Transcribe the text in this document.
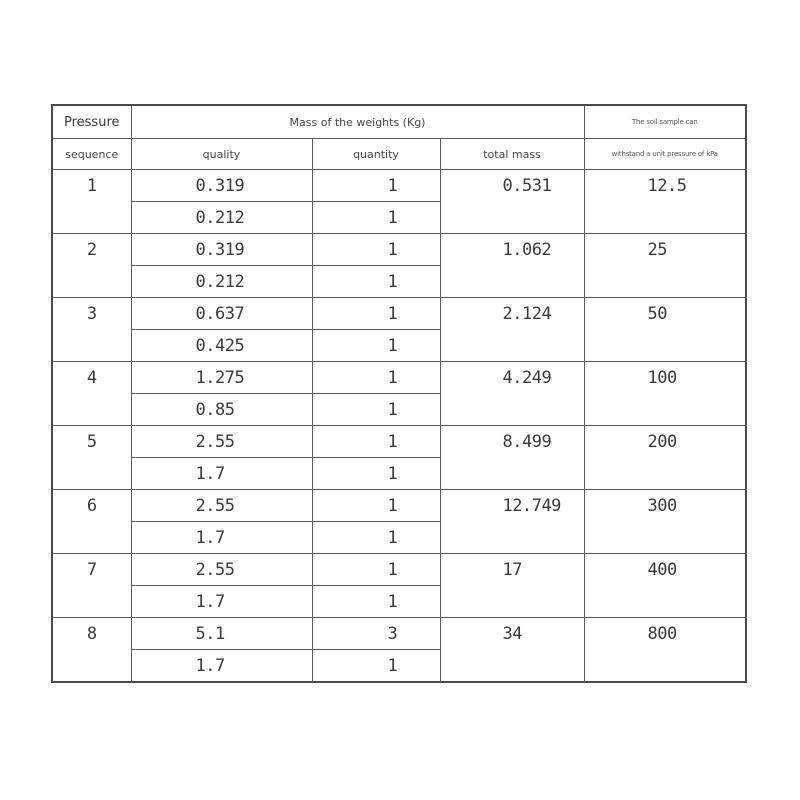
Pressure	Mass of the weights (Kg)			The soil sample can
sequence	quality	quantity	total mass	withstand a unit pressure of kPa
1	0.319	1	0.531	12.5
	0.212	1		
2	0.319	1	1.062	25
	0.212	1		
3	0.637	1	2.124	50
	0.425	1		
4	1.275	1	4.249	100
	0.85	1		
5	2.55	1	8.499	200
	1.7	1		
6	2.55	1	12.749	300
	1.7	1		
7	2.55	1	17	400
	1.7	1		
8	5.1	3	34	800
	1.7	1		
